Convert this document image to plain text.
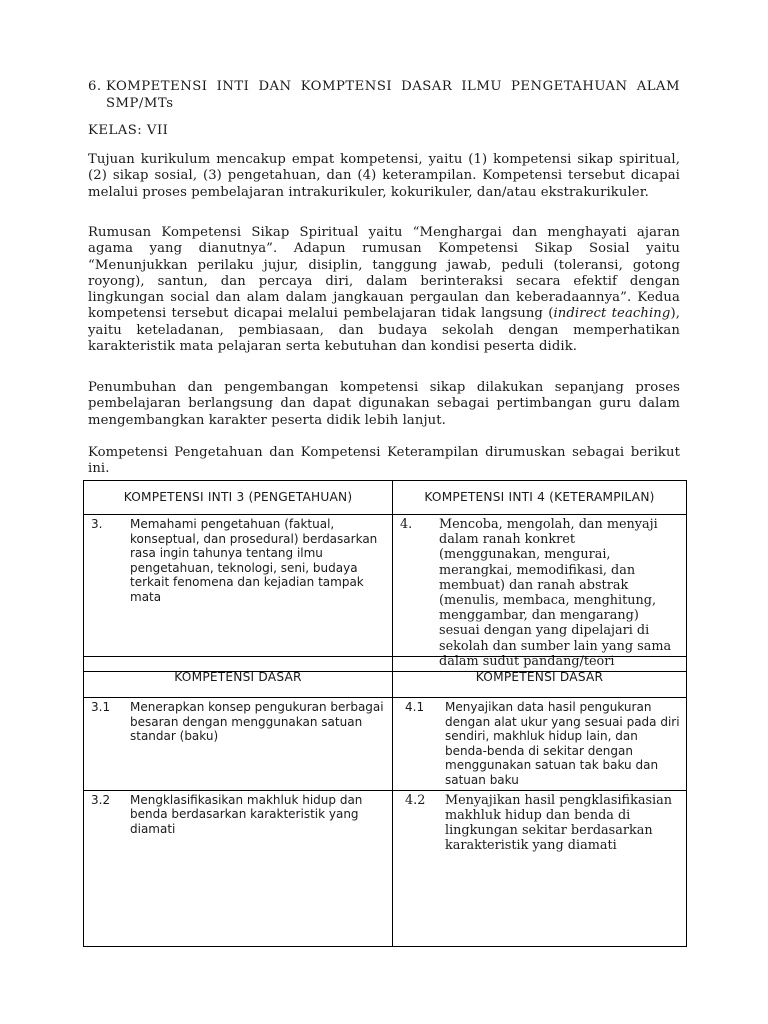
6. KOMPETENSI INTI DAN KOMPTENSI DASAR ILMU PENGETAHUAN ALAM
SMP/MTs
KELAS: VII
Tujuan kurikulum mencakup empat kompetensi, yaitu (1) kompetensi sikap spiritual, (2) sikap sosial, (3) pengetahuan, dan (4) keterampilan. Kompetensi tersebut dicapai melalui proses pembelajaran intrakurikuler, kokurikuler, dan/atau ekstrakurikuler.
Rumusan Kompetensi Sikap Spiritual yaitu “Menghargai dan menghayati ajaran agama yang dianutnya”. Adapun rumusan Kompetensi Sikap Sosial yaitu “Menunjukkan perilaku jujur, disiplin, tanggung jawab, peduli (toleransi, gotong royong), santun, dan percaya diri, dalam berinteraksi secara efektif dengan lingkungan social dan alam dalam jangkauan pergaulan dan keberadaannya”. Kedua kompetensi tersebut dicapai melalui pembelajaran tidak langsung (indirect teaching), yaitu keteladanan, pembiasaan, dan budaya sekolah dengan memperhatikan karakteristik mata pelajaran serta kebutuhan dan kondisi peserta didik.
Penumbuhan dan pengembangan kompetensi sikap dilakukan sepanjang proses pembelajaran berlangsung dan dapat digunakan sebagai pertimbangan guru dalam mengembangkan karakter peserta didik lebih lanjut.
Kompetensi Pengetahuan dan Kompetensi Keterampilan dirumuskan sebagai berikut ini.
KOMPETENSI INTI 3 (PENGETAHUAN)	KOMPETENSI INTI 4 (KETERAMPILAN)

3. Memahami pengetahuan (faktual, konseptual, dan prosedural) berdasarkan rasa ingin tahunya tentang ilmu pengetahuan, teknologi, seni, budaya terkait fenomena dan kejadian tampak mata	4. Mencoba, mengolah, dan menyaji dalam ranah konkret (menggunakan, mengurai, merangkai, memodifikasi, dan membuat) dan ranah abstrak (menulis, membaca, menghitung, menggambar, dan mengarang) sesuai dengan yang dipelajari di sekolah dan sumber lain yang sama dalam sudut pandang/teori
KOMPETENSI DASAR	KOMPETENSI DASAR

3.1 Menerapkan konsep pengukuran berbagai besaran dengan menggunakan satuan standar (baku)	4.1 Menyajikan data hasil pengukuran dengan alat ukur yang sesuai pada diri sendiri, makhluk hidup lain, dan benda-benda di sekitar dengan menggunakan satuan tak baku dan satuan baku

3.2 Mengklasifikasikan makhluk hidup dan benda berdasarkan karakteristik yang diamati	4.2 Menyajikan hasil pengklasifikasian makhluk hidup dan benda di lingkungan sekitar berdasarkan karakteristik yang diamati
